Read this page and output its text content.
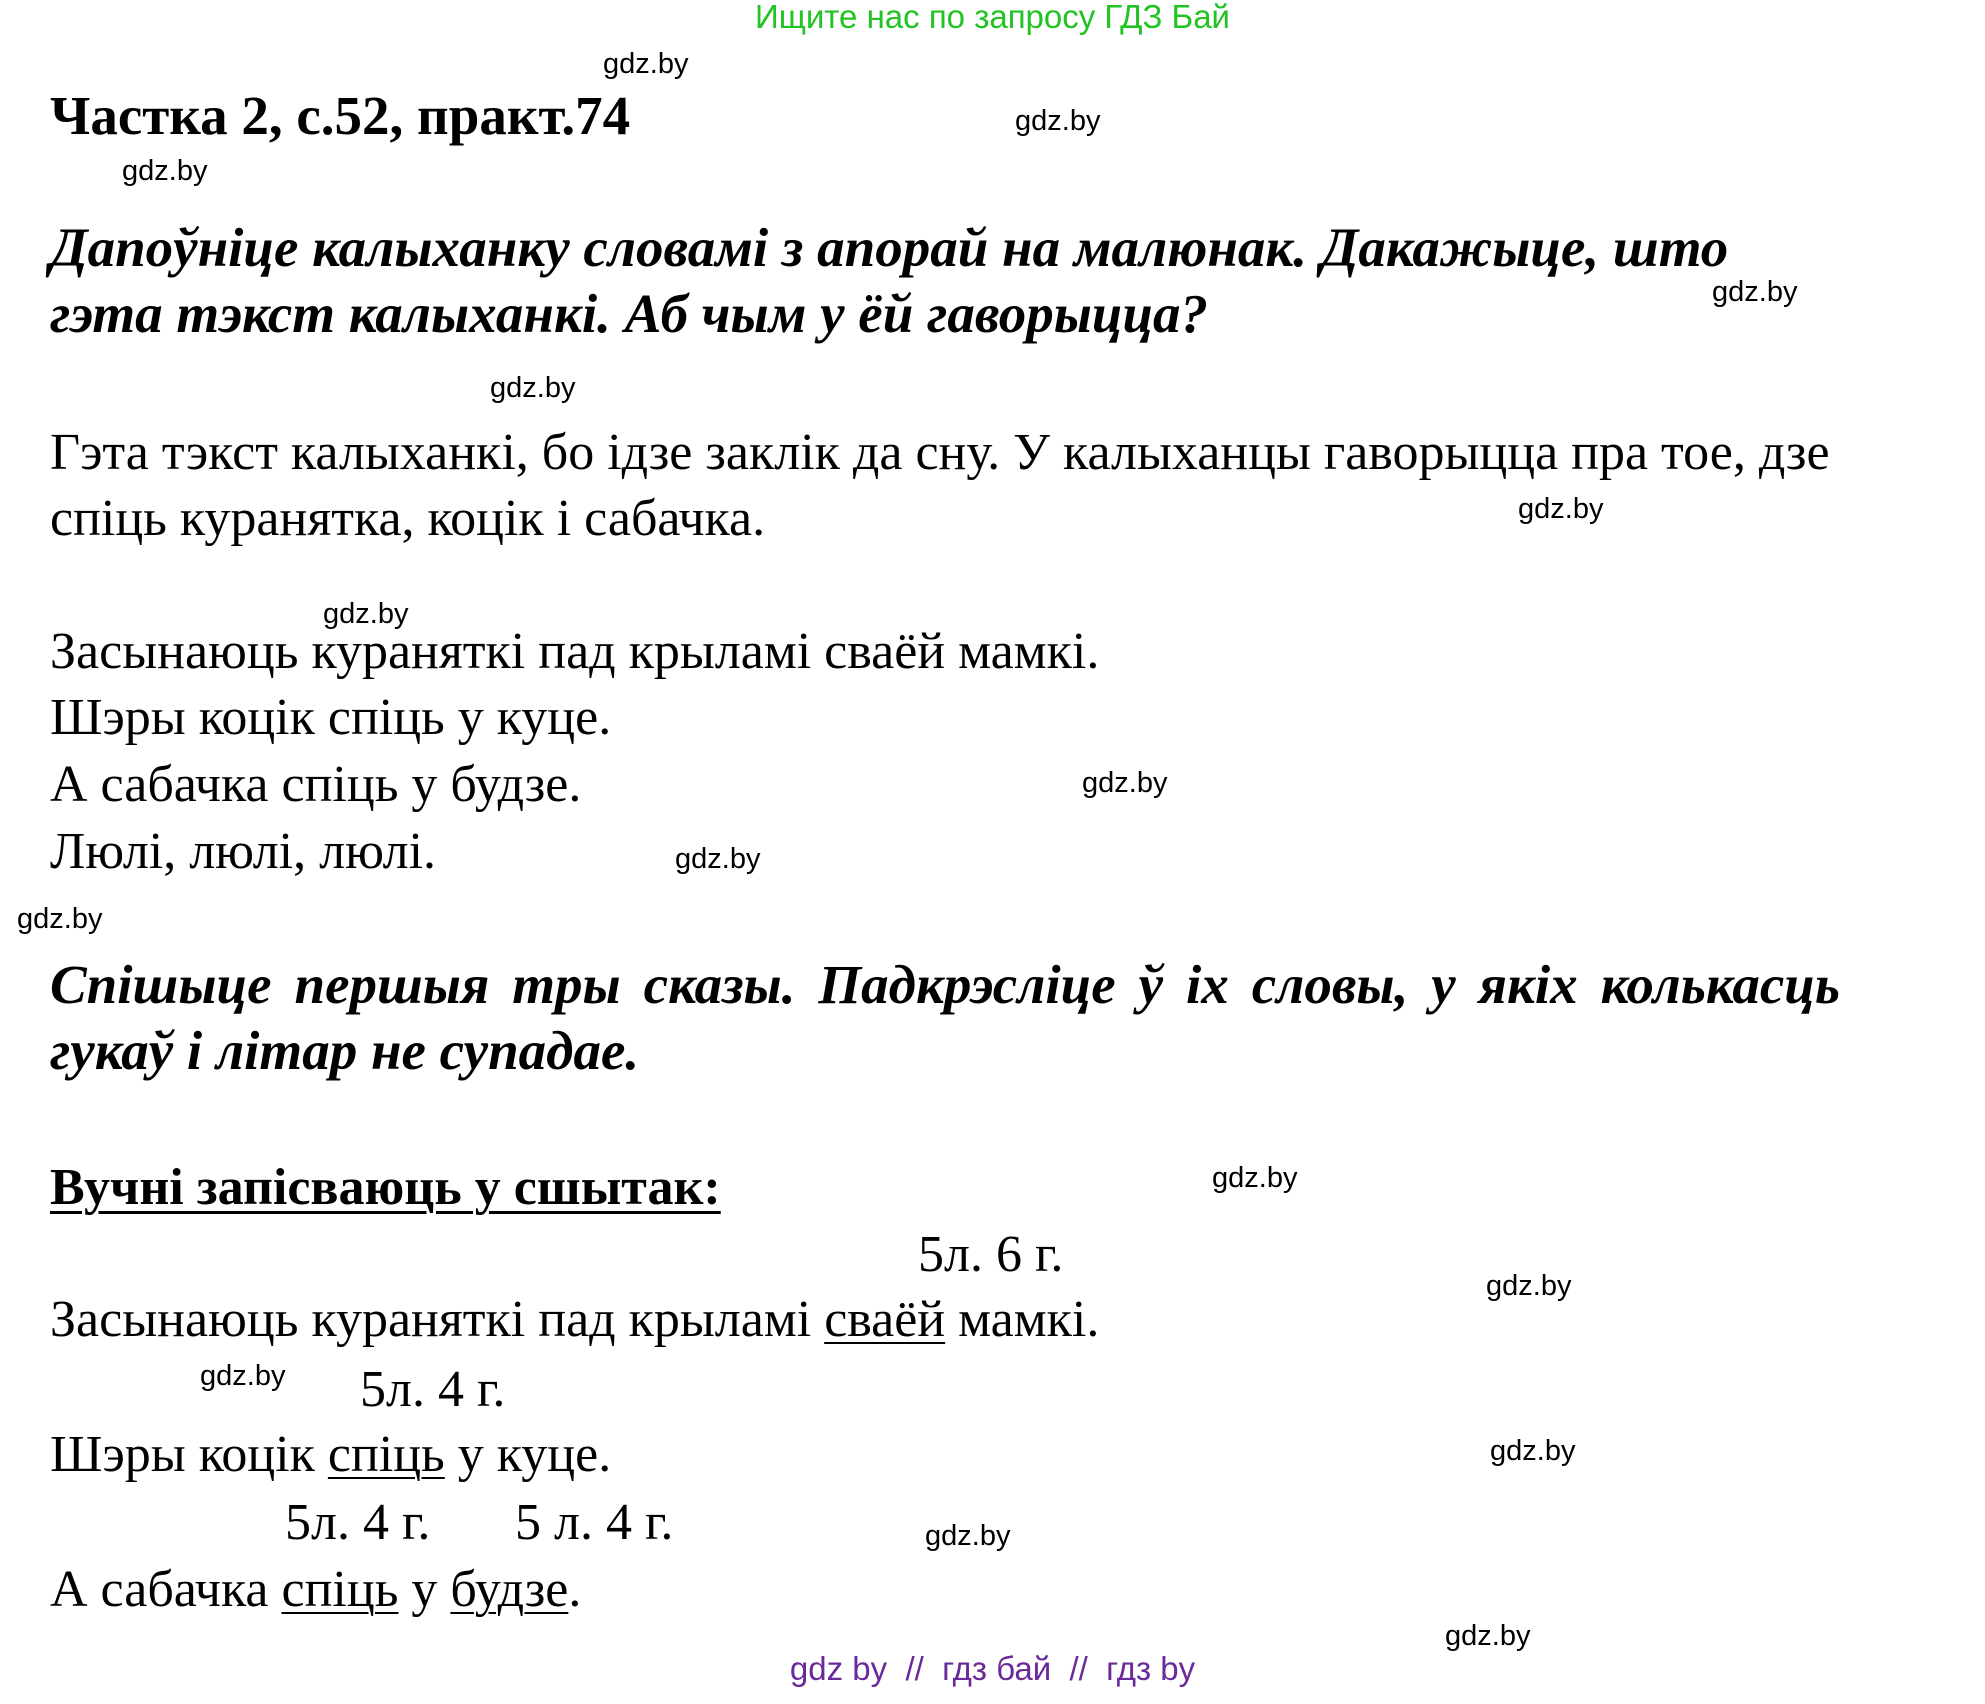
Ищите нас по запросу ГДЗ Бай
gdz.by
gdz.by
gdz.by
gdz.by
gdz.by
gdz.by
gdz.by
gdz.by
gdz.by
gdz.by
gdz.by
gdz.by
gdz.by
gdz.by
gdz.by
gdz.by
Частка 2, с.52, практ.74
Дапоўніце калыханку словамі з апорай на малюнак. Дакажыце, што гэта тэкст калыханкі. Аб чым у ёй гаворыцца?
Гэта тэкст калыханкі, бо ідзе заклік да сну. У калыханцы гаворыцца пра тое, дзе спіць куранятка, коцік і сабачка.
Засынаюць кураняткі пад крыламі сваёй мамкі.
Шэры коцік спіць у куце.
А сабачка спіць у будзе.
Люлі, люлі, люлі.
Спішыце першыя тры сказы. Падкрэсліце ў іх словы, у якіх колькасць гукаў і літар не супадае.
Вучні запісваюць у сшытак:
5л. 6 г.
Засынаюць кураняткі пад крыламі сваёй мамкі.
5л. 4 г.
Шэры коцік спіць у куце.
5л. 4 г. 5 л. 4 г.
А сабачка спіць у будзе.
gdz by  //  гдз бай  //  гдз by
